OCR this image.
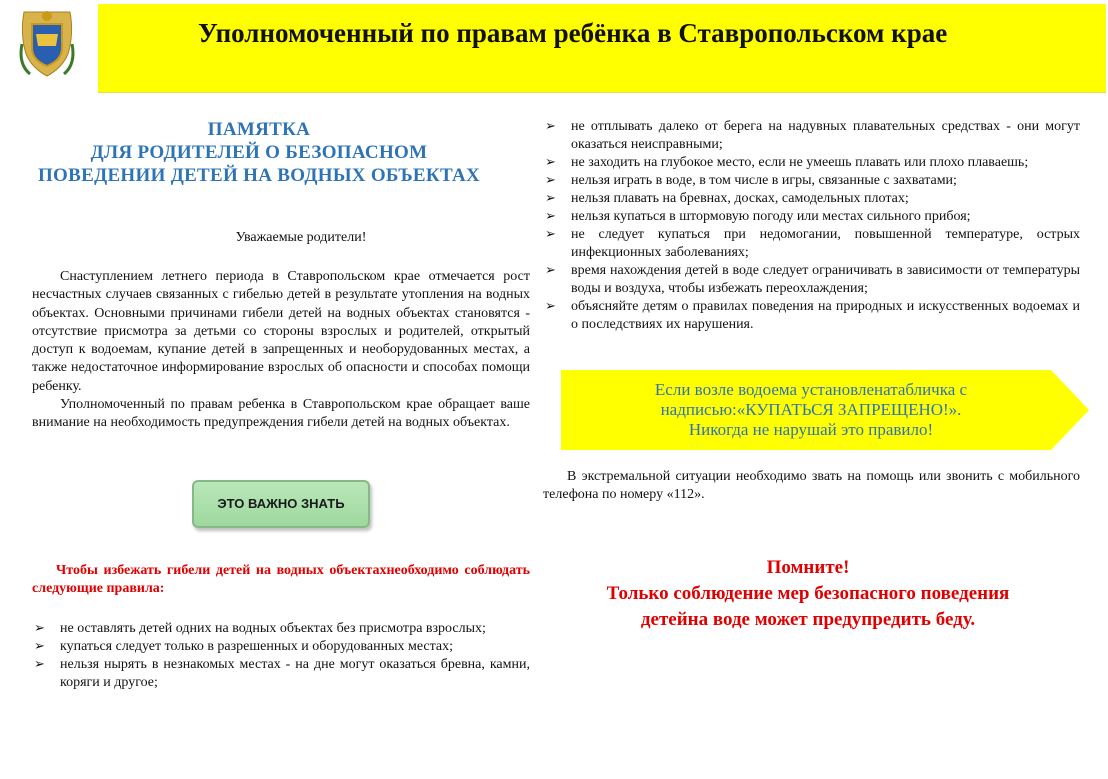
Уполномоченный по правам ребёнка в Ставропольском крае
ПАМЯТКА
ДЛЯ РОДИТЕЛЕЙ О БЕЗОПАСНОМ
ПОВЕДЕНИИ ДЕТЕЙ НА ВОДНЫХ ОБЪЕКТАХ
Уважаемые родители!

Снаступлением летнего периода в Ставропольском крае отмечается рост несчастных случаев связанных с гибелью детей в результате утопления на водных объектах. Основными причинами гибели детей на водных объектах становятся - отсутствие присмотра за детьми со стороны взрослых и родителей, открытый доступ к водоемам, купание детей в запрещенных и необорудованных местах, а также недостаточное информирование взрослых об опасности и способах помощи ребенку.

Уполномоченный по правам ребенка в Ставропольском крае обращает ваше внимание на необходимость предупреждения гибели детей на водных объектах.

ЭТО ВАЖНО ЗНАТЬ
Чтобы избежать гибели детей на водных объектахнеобходимо соблюдать следующие правила:
➢ не оставлять детей одних на водных объектах без присмотра взрослых;
➢ купаться следует только в разрешенных и оборудованных местах;
➢ нельзя нырять в незнакомых местах - на дне могут оказаться бревна, камни, коряги и другое;
➢ не отплывать далеко от берега на надувных плавательных средствах - они могут оказаться неисправными;
➢ не заходить на глубокое место, если не умеешь плавать или плохо плаваешь;
➢ нельзя играть в воде, в том числе в игры, связанные с захватами;
➢ нельзя плавать на бревнах, досках, самодельных плотах;
➢ нельзя купаться в штормовую погоду или местах сильного прибоя;
➢ не следует купаться при недомогании, повышенной температуре, острых инфекционных заболеваниях;
➢ время нахождения детей в воде следует ограничивать в зависимости от температуры воды и воздуха, чтобы избежать переохлаждения;
➢ объясняйте детям о правилах поведения на природных и искусственных водоемах и о последствиях их нарушения.
Если возле водоема установленатабличка с
надписью:«КУПАТЬСЯ ЗАПРЕЩЕНО!».
Никогда не нарушай это правило!
В экстремальной ситуации необходимо звать на помощь или звонить с мобильного телефона по номеру «112».
Помните!
Только соблюдение мер безопасного поведения
детейна воде может предупредить беду.
